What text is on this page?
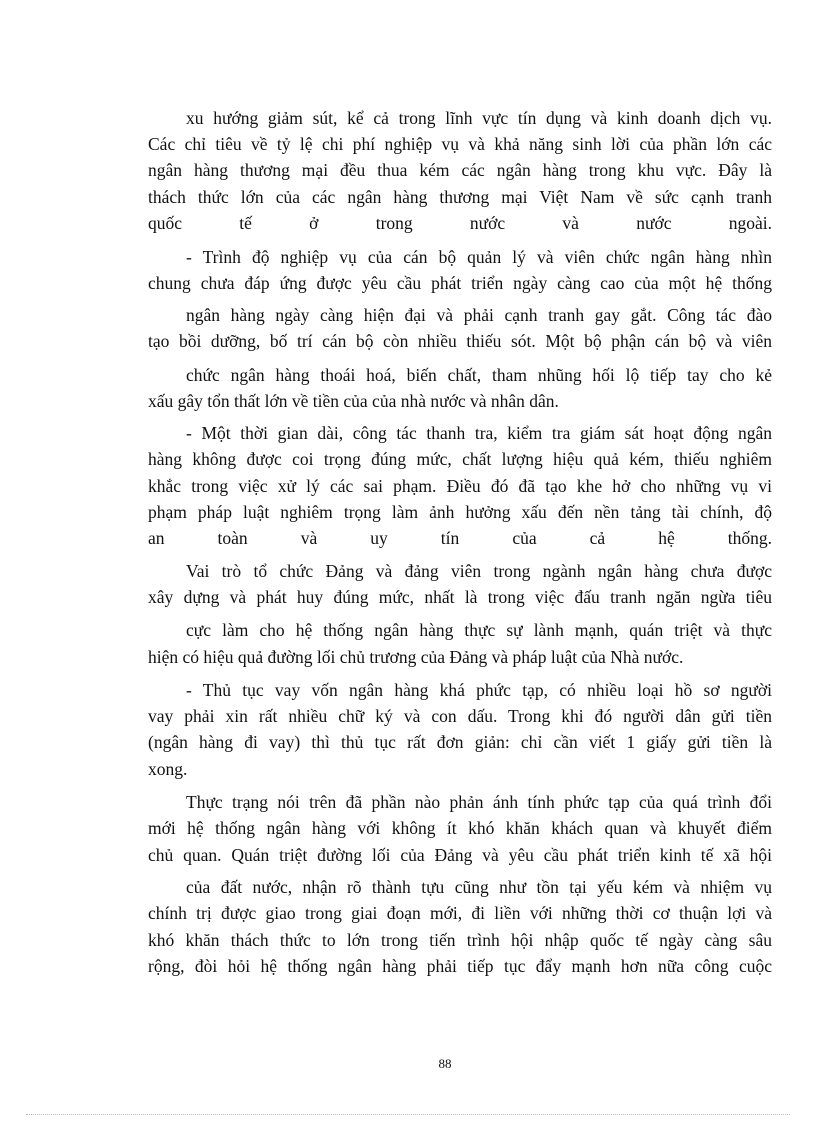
xu hướng giảm sút, kể cả trong lĩnh vực tín dụng và kinh doanh dịch vụ.
Các chỉ tiêu về tỷ lệ chi phí nghiệp vụ và khả năng sinh lời của phần lớn các
ngân hàng thương mại đều thua kém các ngân hàng trong khu vực. Đây là
thách thức lớn của các ngân hàng thương mại Việt Nam về sức cạnh tranh
quốc tế ở trong nước và nước ngoài.
- Trình độ nghiệp vụ của cán bộ quản lý và viên chức ngân hàng nhìn
chung chưa đáp ứng được yêu cầu phát triển ngày càng cao của một hệ thống
ngân hàng ngày càng hiện đại và phải cạnh tranh gay gắt. Công tác đào
tạo bồi dưỡng, bố trí cán bộ còn nhiều thiếu sót. Một bộ phận cán bộ và viên
chức ngân hàng thoái hoá, biến chất, tham nhũng hối lộ tiếp tay cho kẻ
xấu gây tổn thất lớn về tiền của của nhà nước và nhân dân.
- Một thời gian dài, công tác thanh tra, kiểm tra giám sát hoạt động ngân
hàng không được coi trọng đúng mức, chất lượng hiệu quả kém, thiếu nghiêm
khắc trong việc xử lý các sai phạm. Điều đó đã tạo khe hở cho những vụ vi
phạm pháp luật nghiêm trọng làm ảnh hưởng xấu đến nền tảng tài chính, độ
an toàn và uy tín của cả hệ thống.
Vai trò tổ chức Đảng và đảng viên trong ngành ngân hàng chưa được
xây dựng và phát huy đúng mức, nhất là trong việc đấu tranh ngăn ngừa tiêu
cực làm cho hệ thống ngân hàng thực sự lành mạnh, quán triệt và thực
hiện có hiệu quả đường lối chủ trương của Đảng và pháp luật của Nhà nước.
- Thủ tục vay vốn ngân hàng khá phức tạp, có nhiều loại hồ sơ người
vay phải xin rất nhiều chữ ký và con dấu. Trong khi đó người dân gửi tiền
(ngân hàng đi vay) thì thủ tục rất đơn giản: chỉ cần viết 1 giấy gửi tiền là
xong.
Thực trạng nói trên đã phần nào phản ánh tính phức tạp của quá trình đổi
mới hệ thống ngân hàng với không ít khó khăn khách quan và khuyết điểm
chủ quan. Quán triệt đường lối của Đảng và yêu cầu phát triển kinh tế xã hội
của đất nước, nhận rõ thành tựu cũng như tồn tại yếu kém và nhiệm vụ
chính trị được giao trong giai đoạn mới, đi liền với những thời cơ thuận lợi và
khó khăn thách thức to lớn trong tiến trình hội nhập quốc tế ngày càng sâu
rộng, đòi hỏi hệ thống ngân hàng phải tiếp tục đẩy mạnh hơn nữa công cuộc
88
